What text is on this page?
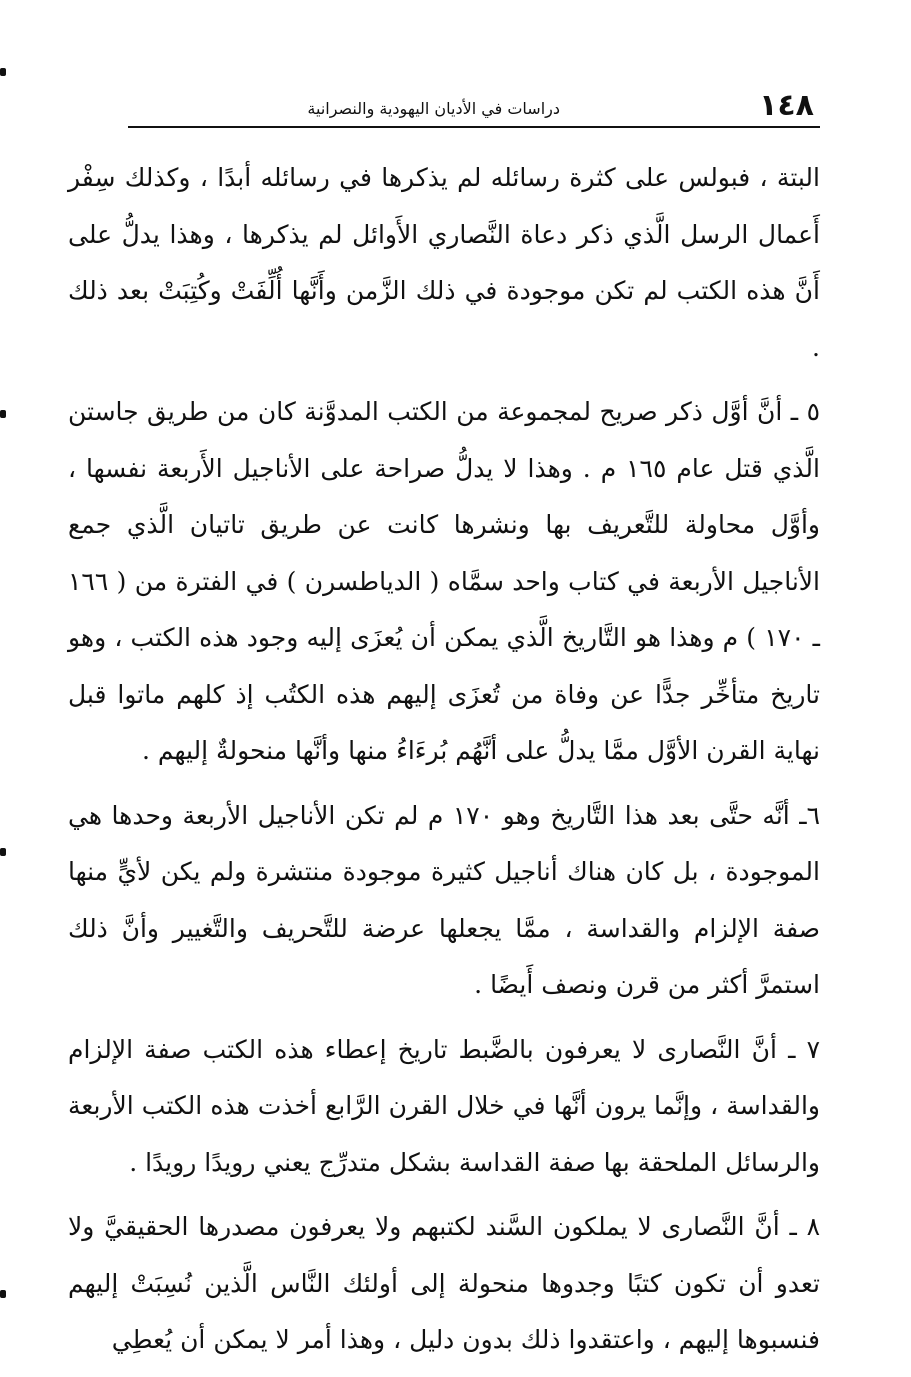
١٤٨
دراسات في الأديان اليهودية والنصرانية

البتة ، فبولس على كثرة رسائله لم يذكرها في رسائله أبدًا ، وكذلك سِفْر أَعمال الرسل الَّذي ذكر دعاة النَّصاري الأَوائل لم يذكرها ، وهذا يدلُّ على أَنَّ هذه الكتب لم تكن موجودة في ذلك الزَّمن وأَنَّها أُلِّفَتْ وكُتِبَتْ بعد ذلك .

٥ ـ أنَّ أوَّل ذكر صريح لمجموعة من الكتب المدوَّنة كان من طريق جاستن الَّذي قتل عام ١٦٥ م . وهذا لا يدلُّ صراحة على الأناجيل الأَربعة نفسها ، وأوَّل محاولة للتَّعريف بها ونشرها كانت عن طريق تاتيان الَّذي جمع الأناجيل الأربعة في كتاب واحد سمَّاه ( الدياطسرن ) في الفترة من ( ١٦٦ ـ ١٧٠ ) م وهذا هو التَّاريخ الَّذي يمكن أن يُعزَى إليه وجود هذه الكتب ، وهو تاريخ متأخِّر جدًّا عن وفاة من تُعزَى إليهم هذه الكتُب إذ كلهم ماتوا قبل نهاية القرن الأوَّل ممَّا يدلُّ على أنَّهُم بُرءَاءُ منها وأنَّها منحولةٌ إليهم .

٦ـ أنَّه حتَّى بعد هذا التَّاريخ وهو ١٧٠ م لم تكن الأناجيل الأربعة وحدها هي الموجودة ، بل كان هناك أناجيل كثيرة موجودة منتشرة ولم يكن لأيٍّ منها صفة الإلزام والقداسة ، ممَّا يجعلها عرضة للتَّحريف والتَّغيير وأنَّ ذلك استمرَّ أكثر من قرن ونصف أَيضًا .

٧ ـ أنَّ النَّصارى لا يعرفون بالضَّبط تاريخ إعطاء هذه الكتب صفة الإلزام والقداسة ، وإنَّما يرون أنَّها في خلال القرن الرَّابع أخذت هذه الكتب الأربعة والرسائل الملحقة بها صفة القداسة بشكل متدرِّج يعني رويدًا رويدًا .

٨ ـ أنَّ النَّصارى لا يملكون السَّند لكتبهم ولا يعرفون مصدرها الحقيقيَّ ولا تعدو أن تكون كتبًا وجدوها منحولة إلى أولئك النَّاس الَّذين نُسِبَتْ إليهم فنسبوها إليهم ، واعتقدوا ذلك بدون دليل ، وهذا أمر لا يمكن أن يُعطِي
